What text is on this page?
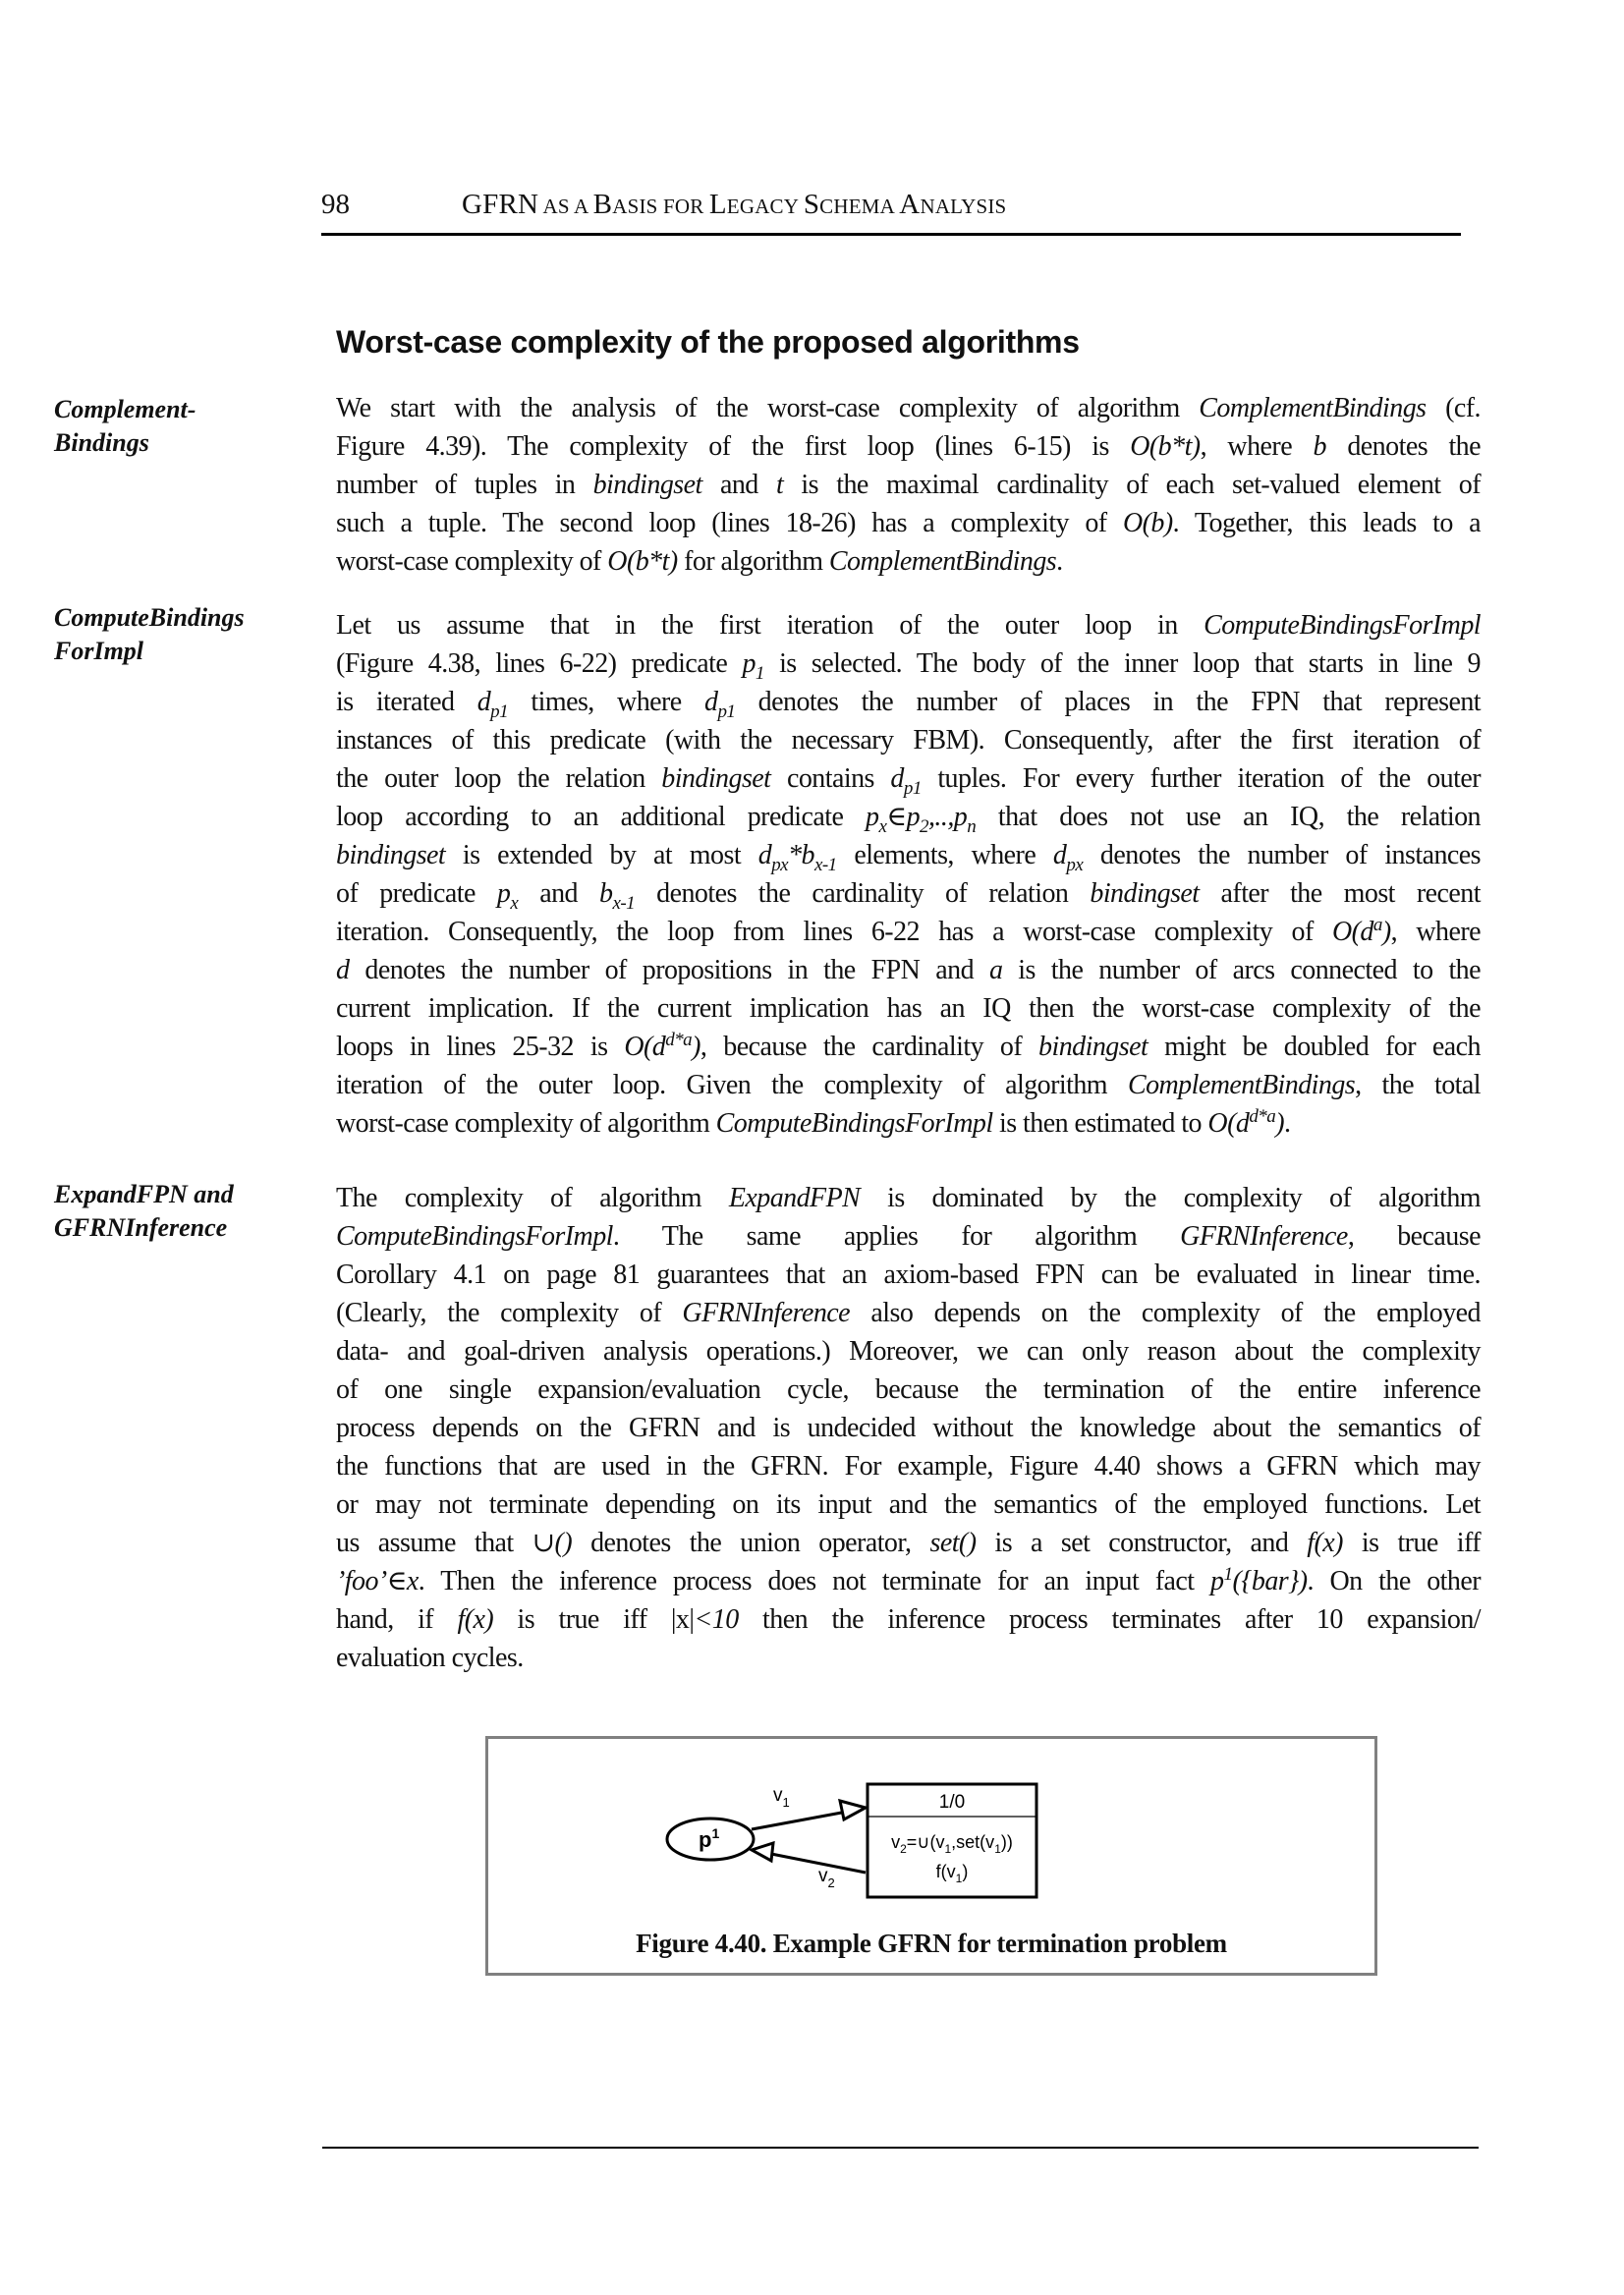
98	GFRN AS A BASIS FOR LEGACY SCHEMA ANALYSIS
Worst-case complexity of the proposed algorithms
Complement-
Bindings
ComputeBindings
ForImpl
ExpandFPN and
GFRNInference
We start with the analysis of the worst-case complexity of algorithm ComplementBindings (cf.
Figure 4.39). The complexity of the first loop (lines 6-15) is O(b*t), where b denotes the
number of tuples in bindingset and t is the maximal cardinality of each set-valued element of
such a tuple. The second loop (lines 18-26) has a complexity of O(b). Together, this leads to a
worst-case complexity of O(b*t) for algorithm ComplementBindings.
Let us assume that in the first iteration of the outer loop in ComputeBindingsForImpl
(Figure 4.38, lines 6-22) predicate $p_1$ is selected. The body of the inner loop that starts in line 9
is iterated $d_{p1}$ times, where $d_{p1}$ denotes the number of places in the FPN that represent
instances of this predicate (with the necessary FBM). Consequently, after the first iteration of
the outer loop the relation bindingset contains $d_{p1}$ tuples. For every further iteration of the outer
loop according to an additional predicate $p_x\in p_2,..,p_n$ that does not use an IQ, the relation
bindingset is extended by at most $d_{px}*b_{x-1}$ elements, where $d_{px}$ denotes the number of instances
of predicate $p_x$ and $b_{x-1}$ denotes the cardinality of relation bindingset after the most recent
iteration. Consequently, the loop from lines 6-22 has a worst-case complexity of $O(d^a)$, where
d denotes the number of propositions in the FPN and a is the number of arcs connected to the
current implication. If the current implication has an IQ then the worst-case complexity of the
loops in lines 25-32 is $O(d^{d*a})$, because the cardinality of bindingset might be doubled for each
iteration of the outer loop. Given the complexity of algorithm ComplementBindings, the total
worst-case complexity of algorithm ComputeBindingsForImpl is then estimated to $O(d^{d*a})$.
The complexity of algorithm ExpandFPN is dominated by the complexity of algorithm
ComputeBindingsForImpl. The same applies for algorithm GFRNInference, because
Corollary 4.1 on page 81 guarantees that an axiom-based FPN can be evaluated in linear time.
(Clearly, the complexity of GFRNInference also depends on the complexity of the employed
data- and goal-driven analysis operations.) Moreover, we can only reason about the complexity
of one single expansion/evaluation cycle, because the termination of the entire inference
process depends on the GFRN and is undecided without the knowledge about the semantics of
the functions that are used in the GFRN. For example, Figure 4.40 shows a GFRN which may
or may not terminate depending on its input and the semantics of the employed functions. Let
us assume that ∪() denotes the union operator, set() is a set constructor, and f(x) is true iff
’foo’∈x. Then the inference process does not terminate for an input fact $p^1(\{bar\})$. On the other
hand, if f(x) is true iff |x|<10 then the inference process terminates after 10 expansion/
evaluation cycles.
$p^1$
$v_1$
$v_2$
1/0
$v_2=\cup(v_1,set(v_1))$
$f(v_1)$
Figure 4.40. Example GFRN for termination problem
